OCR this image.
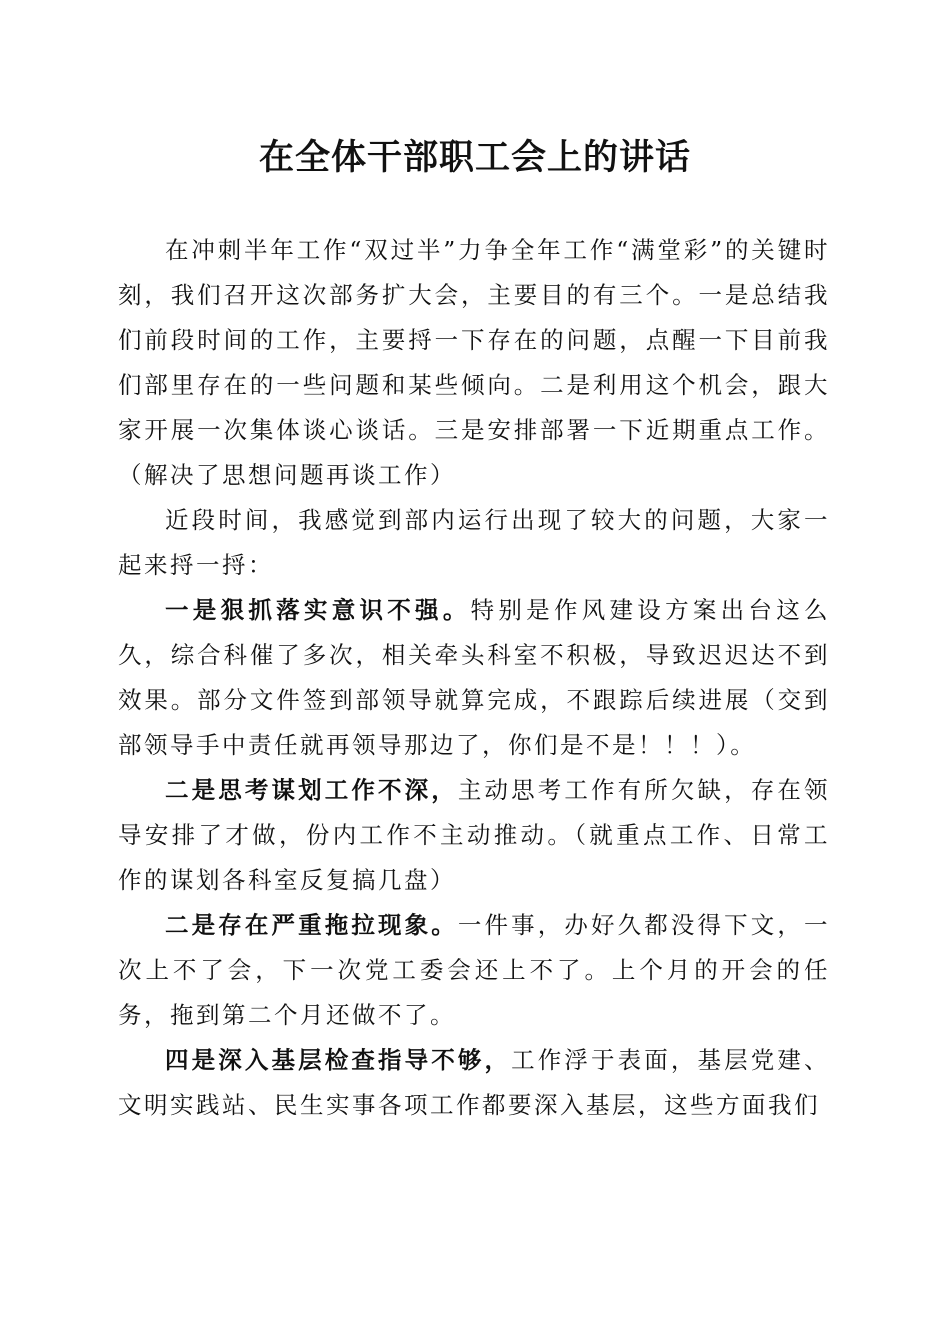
在全体干部职工会上的讲话

在冲刺半年工作“双过半”力争全年工作“满堂彩”的关键时刻，我们召开这次部务扩大会，主要目的有三个。一是总结我们前段时间的工作，主要捋一下存在的问题，点醒一下目前我们部里存在的一些问题和某些倾向。二是利用这个机会，跟大家开展一次集体谈心谈话。三是安排部署一下近期重点工作。（解决了思想问题再谈工作）

近段时间，我感觉到部内运行出现了较大的问题，大家一起来捋一捋：

一是狠抓落实意识不强。特别是作风建设方案出台这么久，综合科催了多次，相关牵头科室不积极，导致迟迟达不到效果。部分文件签到部领导就算完成，不跟踪后续进展（交到部领导手中责任就再领导那边了，你们是不是！！！）。

二是思考谋划工作不深，主动思考工作有所欠缺，存在领导安排了才做，份内工作不主动推动。（就重点工作、日常工作的谋划各科室反复搞几盘）

二是存在严重拖拉现象。一件事，办好久都没得下文，一次上不了会，下一次党工委会还上不了。上个月的开会的任务，拖到第二个月还做不了。

四是深入基层检查指导不够，工作浮于表面，基层党建、文明实践站、民生实事各项工作都要深入基层，这些方面我们
